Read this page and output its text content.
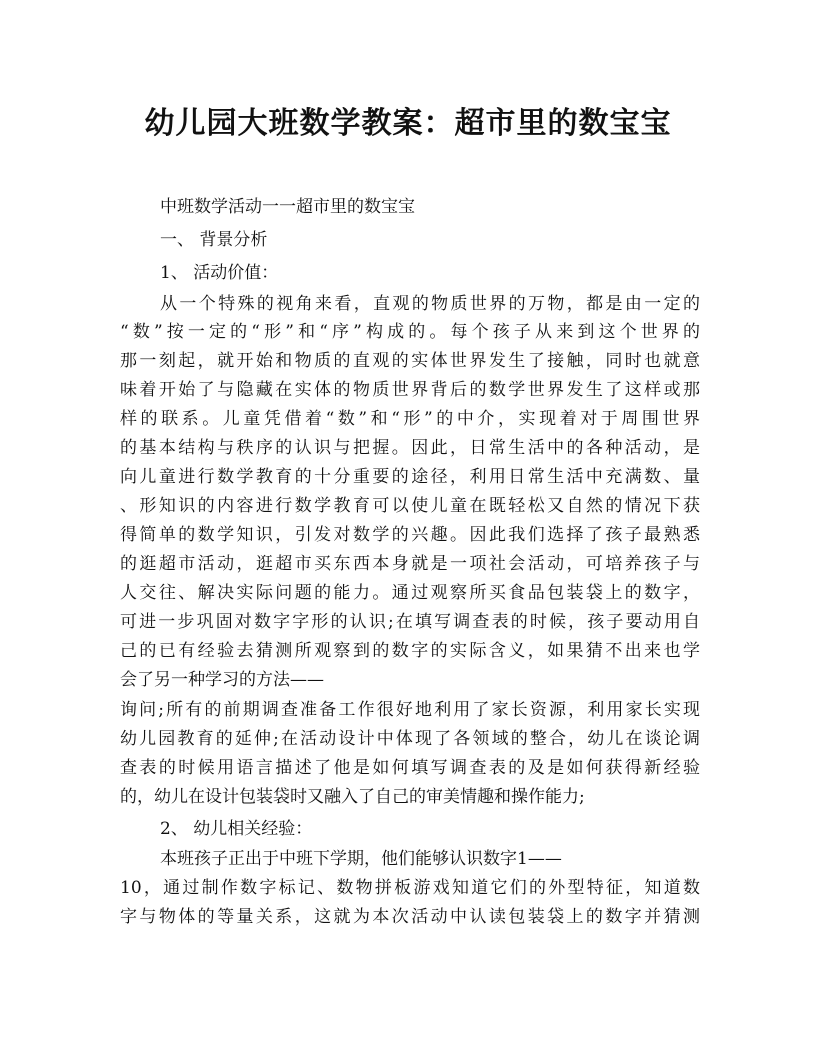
幼儿园大班数学教案：超市里的数宝宝

中班数学活动一一超市里的数宝宝

一、 背景分析

1、 活动价值：

从一个特殊的视角来看，直观的物质世界的万物，都是由一定的

“数”按一定的“形”和“序”构成的。每个孩子从来到这个世界的

那一刻起，就开始和物质的直观的实体世界发生了接触，同时也就意

味着开始了与隐藏在实体的物质世界背后的数学世界发生了这样或那

样的联系。儿童凭借着“数”和“形”的中介，实现着对于周围世界

的基本结构与秩序的认识与把握。因此，日常生活中的各种活动，是

向儿童进行数学教育的十分重要的途径，利用日常生活中充满数、量

、形知识的内容进行数学教育可以使儿童在既轻松又自然的情况下获

得简单的数学知识，引发对数学的兴趣。因此我们选择了孩子最熟悉

的逛超市活动，逛超市买东西本身就是一项社会活动，可培养孩子与

人交往、解决实际问题的能力。通过观察所买食品包装袋上的数字，

可进一步巩固对数字字形的认识;在填写调查表的时候，孩子要动用自

己的已有经验去猜测所观察到的数字的实际含义，如果猜不出来也学

会了另一种学习的方法——

询问;所有的前期调查准备工作很好地利用了家长资源，利用家长实现

幼儿园教育的延伸;在活动设计中体现了各领域的整合，幼儿在谈论调

查表的时候用语言描述了他是如何填写调查表的及是如何获得新经验

的，幼儿在设计包装袋时又融入了自己的审美情趣和操作能力;

2、 幼儿相关经验：

本班孩子正出于中班下学期，他们能够认识数字1——

10，通过制作数字标记、数物拼板游戏知道它们的外型特征，知道数

字与物体的等量关系，这就为本次活动中认读包装袋上的数字并猜测
